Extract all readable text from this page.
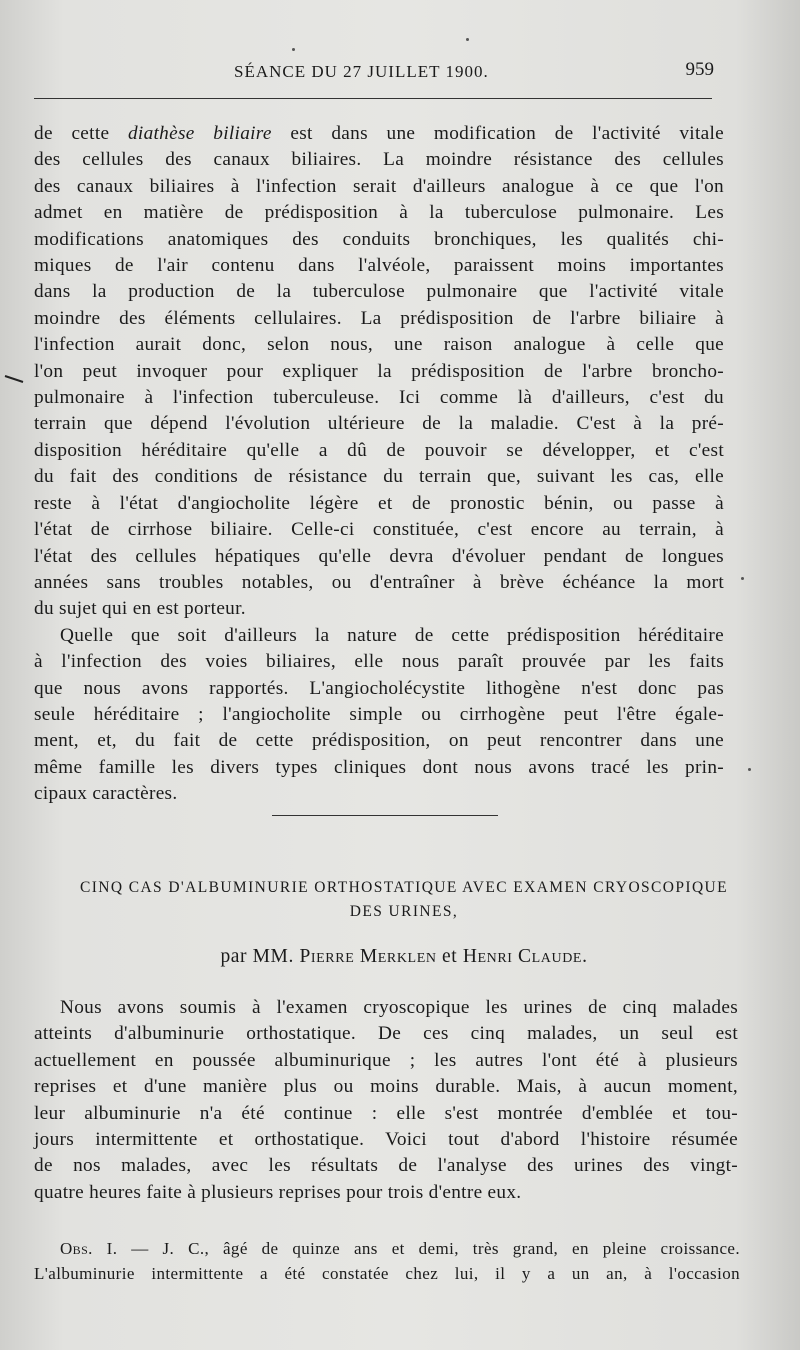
SÉANCE DU 27 JUILLET 1900.	959

de cette diathèse biliaire est dans une modification de l'activité vitale
des cellules des canaux biliaires. La moindre résistance des cellules
des canaux biliaires à l'infection serait d'ailleurs analogue à ce que l'on
admet en matière de prédisposition à la tuberculose pulmonaire. Les
modifications anatomiques des conduits bronchiques, les qualités chi-
miques de l'air contenu dans l'alvéole, paraissent moins importantes
dans la production de la tuberculose pulmonaire que l'activité vitale
moindre des éléments cellulaires. La prédisposition de l'arbre biliaire à
l'infection aurait donc, selon nous, une raison analogue à celle que
l'on peut invoquer pour expliquer la prédisposition de l'arbre broncho-
pulmonaire à l'infection tuberculeuse. Ici comme là d'ailleurs, c'est du
terrain que dépend l'évolution ultérieure de la maladie. C'est à la pré-
disposition héréditaire qu'elle a dû de pouvoir se développer, et c'est
du fait des conditions de résistance du terrain que, suivant les cas, elle
reste à l'état d'angiocholite légère et de pronostic bénin, ou passe à
l'état de cirrhose biliaire. Celle-ci constituée, c'est encore au terrain, à
l'état des cellules hépatiques qu'elle devra d'évoluer pendant de longues
années sans troubles notables, ou d'entraîner à brève échéance la mort
du sujet qui en est porteur.

Quelle que soit d'ailleurs la nature de cette prédisposition héréditaire
à l'infection des voies biliaires, elle nous paraît prouvée par les faits
que nous avons rapportés. L'angiocholécystite lithogène n'est donc pas
seule héréditaire ; l'angiocholite simple ou cirrhogène peut l'être égale-
ment, et, du fait de cette prédisposition, on peut rencontrer dans une
même famille les divers types cliniques dont nous avons tracé les prin-
cipaux caractères.

CINQ CAS D'ALBUMINURIE ORTHOSTATIQUE AVEC EXAMEN CRYOSCOPIQUE
DES URINES,
par MM. Pierre Merklen et Henri Claude.
Nous avons soumis à l'examen cryoscopique les urines de cinq malades
atteints d'albuminurie orthostatique. De ces cinq malades, un seul est
actuellement en poussée albuminurique ; les autres l'ont été à plusieurs
reprises et d'une manière plus ou moins durable. Mais, à aucun moment,
leur albuminurie n'a été continue : elle s'est montrée d'emblée et tou-
jours intermittente et orthostatique. Voici tout d'abord l'histoire résumée
de nos malades, avec les résultats de l'analyse des urines des vingt-
quatre heures faite à plusieurs reprises pour trois d'entre eux.
Obs. I. — J. C., âgé de quinze ans et demi, très grand, en pleine croissance.
L'albuminurie intermittente a été constatée chez lui, il y a un an, à l'occasion
